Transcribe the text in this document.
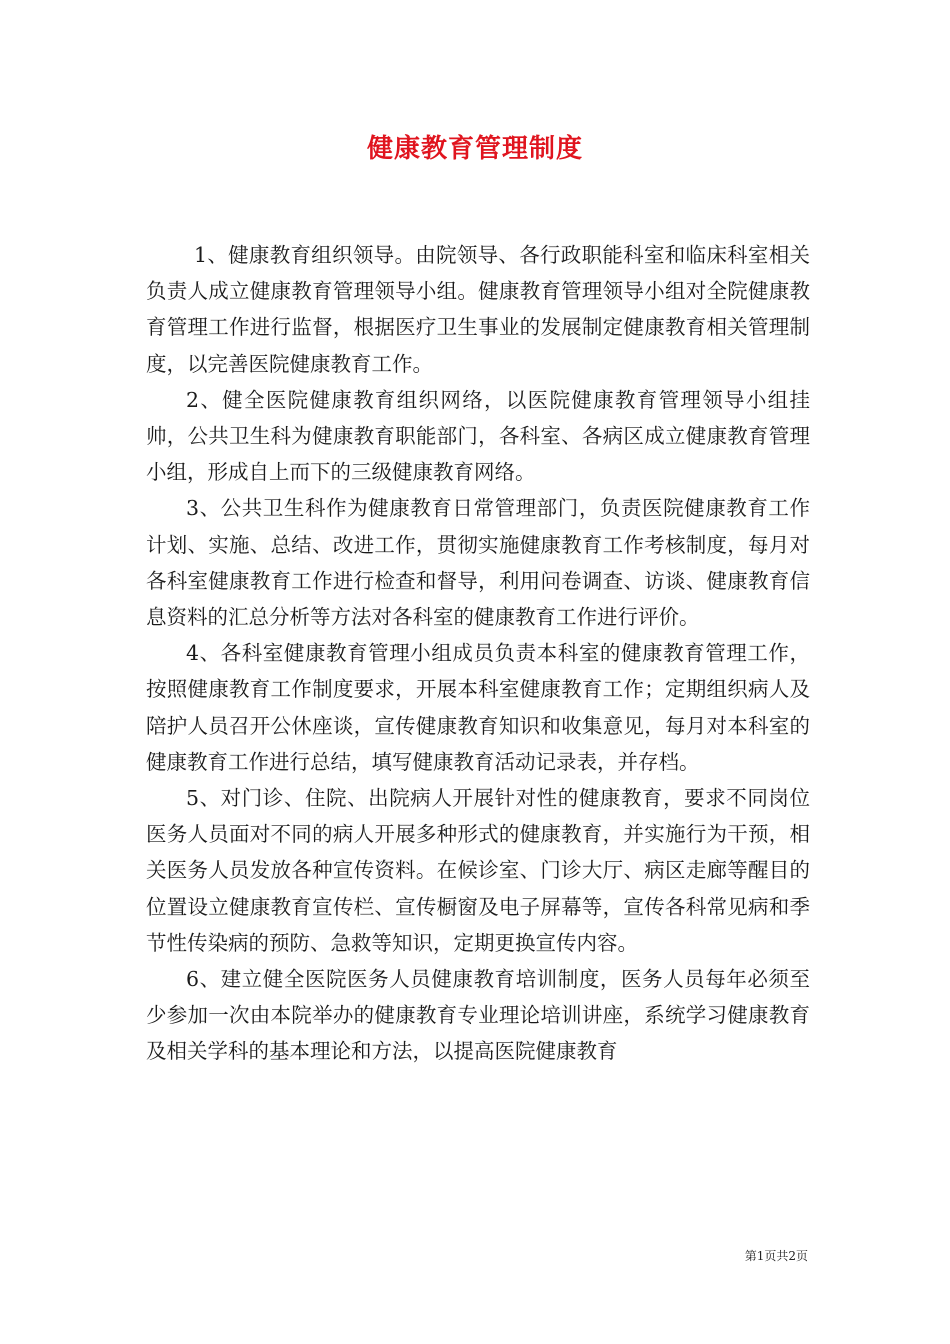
健康教育管理制度

1、健康教育组织领导。由院领导、各行政职能科室和临床科室相关负责人成立健康教育管理领导小组。健康教育管理领导小组对全院健康教育管理工作进行监督，根据医疗卫生事业的发展制定健康教育相关管理制度，以完善医院健康教育工作。

2、健全医院健康教育组织网络，以医院健康教育管理领导小组挂帅，公共卫生科为健康教育职能部门，各科室、各病区成立健康教育管理小组，形成自上而下的三级健康教育网络。

3、公共卫生科作为健康教育日常管理部门，负责医院健康教育工作计划、实施、总结、改进工作，贯彻实施健康教育工作考核制度，每月对各科室健康教育工作进行检查和督导，利用问卷调查、访谈、健康教育信息资料的汇总分析等方法对各科室的健康教育工作进行评价。

4、各科室健康教育管理小组成员负责本科室的健康教育管理工作，按照健康教育工作制度要求，开展本科室健康教育工作；定期组织病人及陪护人员召开公休座谈，宣传健康教育知识和收集意见，每月对本科室的健康教育工作进行总结，填写健康教育活动记录表，并存档。

5、对门诊、住院、出院病人开展针对性的健康教育，要求不同岗位医务人员面对不同的病人开展多种形式的健康教育，并实施行为干预，相关医务人员发放各种宣传资料。在候诊室、门诊大厅、病区走廊等醒目的位置设立健康教育宣传栏、宣传橱窗及电子屏幕等，宣传各科常见病和季节性传染病的预防、急救等知识，定期更换宣传内容。

6、建立健全医院医务人员健康教育培训制度，医务人员每年必须至少参加一次由本院举办的健康教育专业理论培训讲座，系统学习健康教育及相关学科的基本理论和方法，以提高医院健康教育

第1页共2页
